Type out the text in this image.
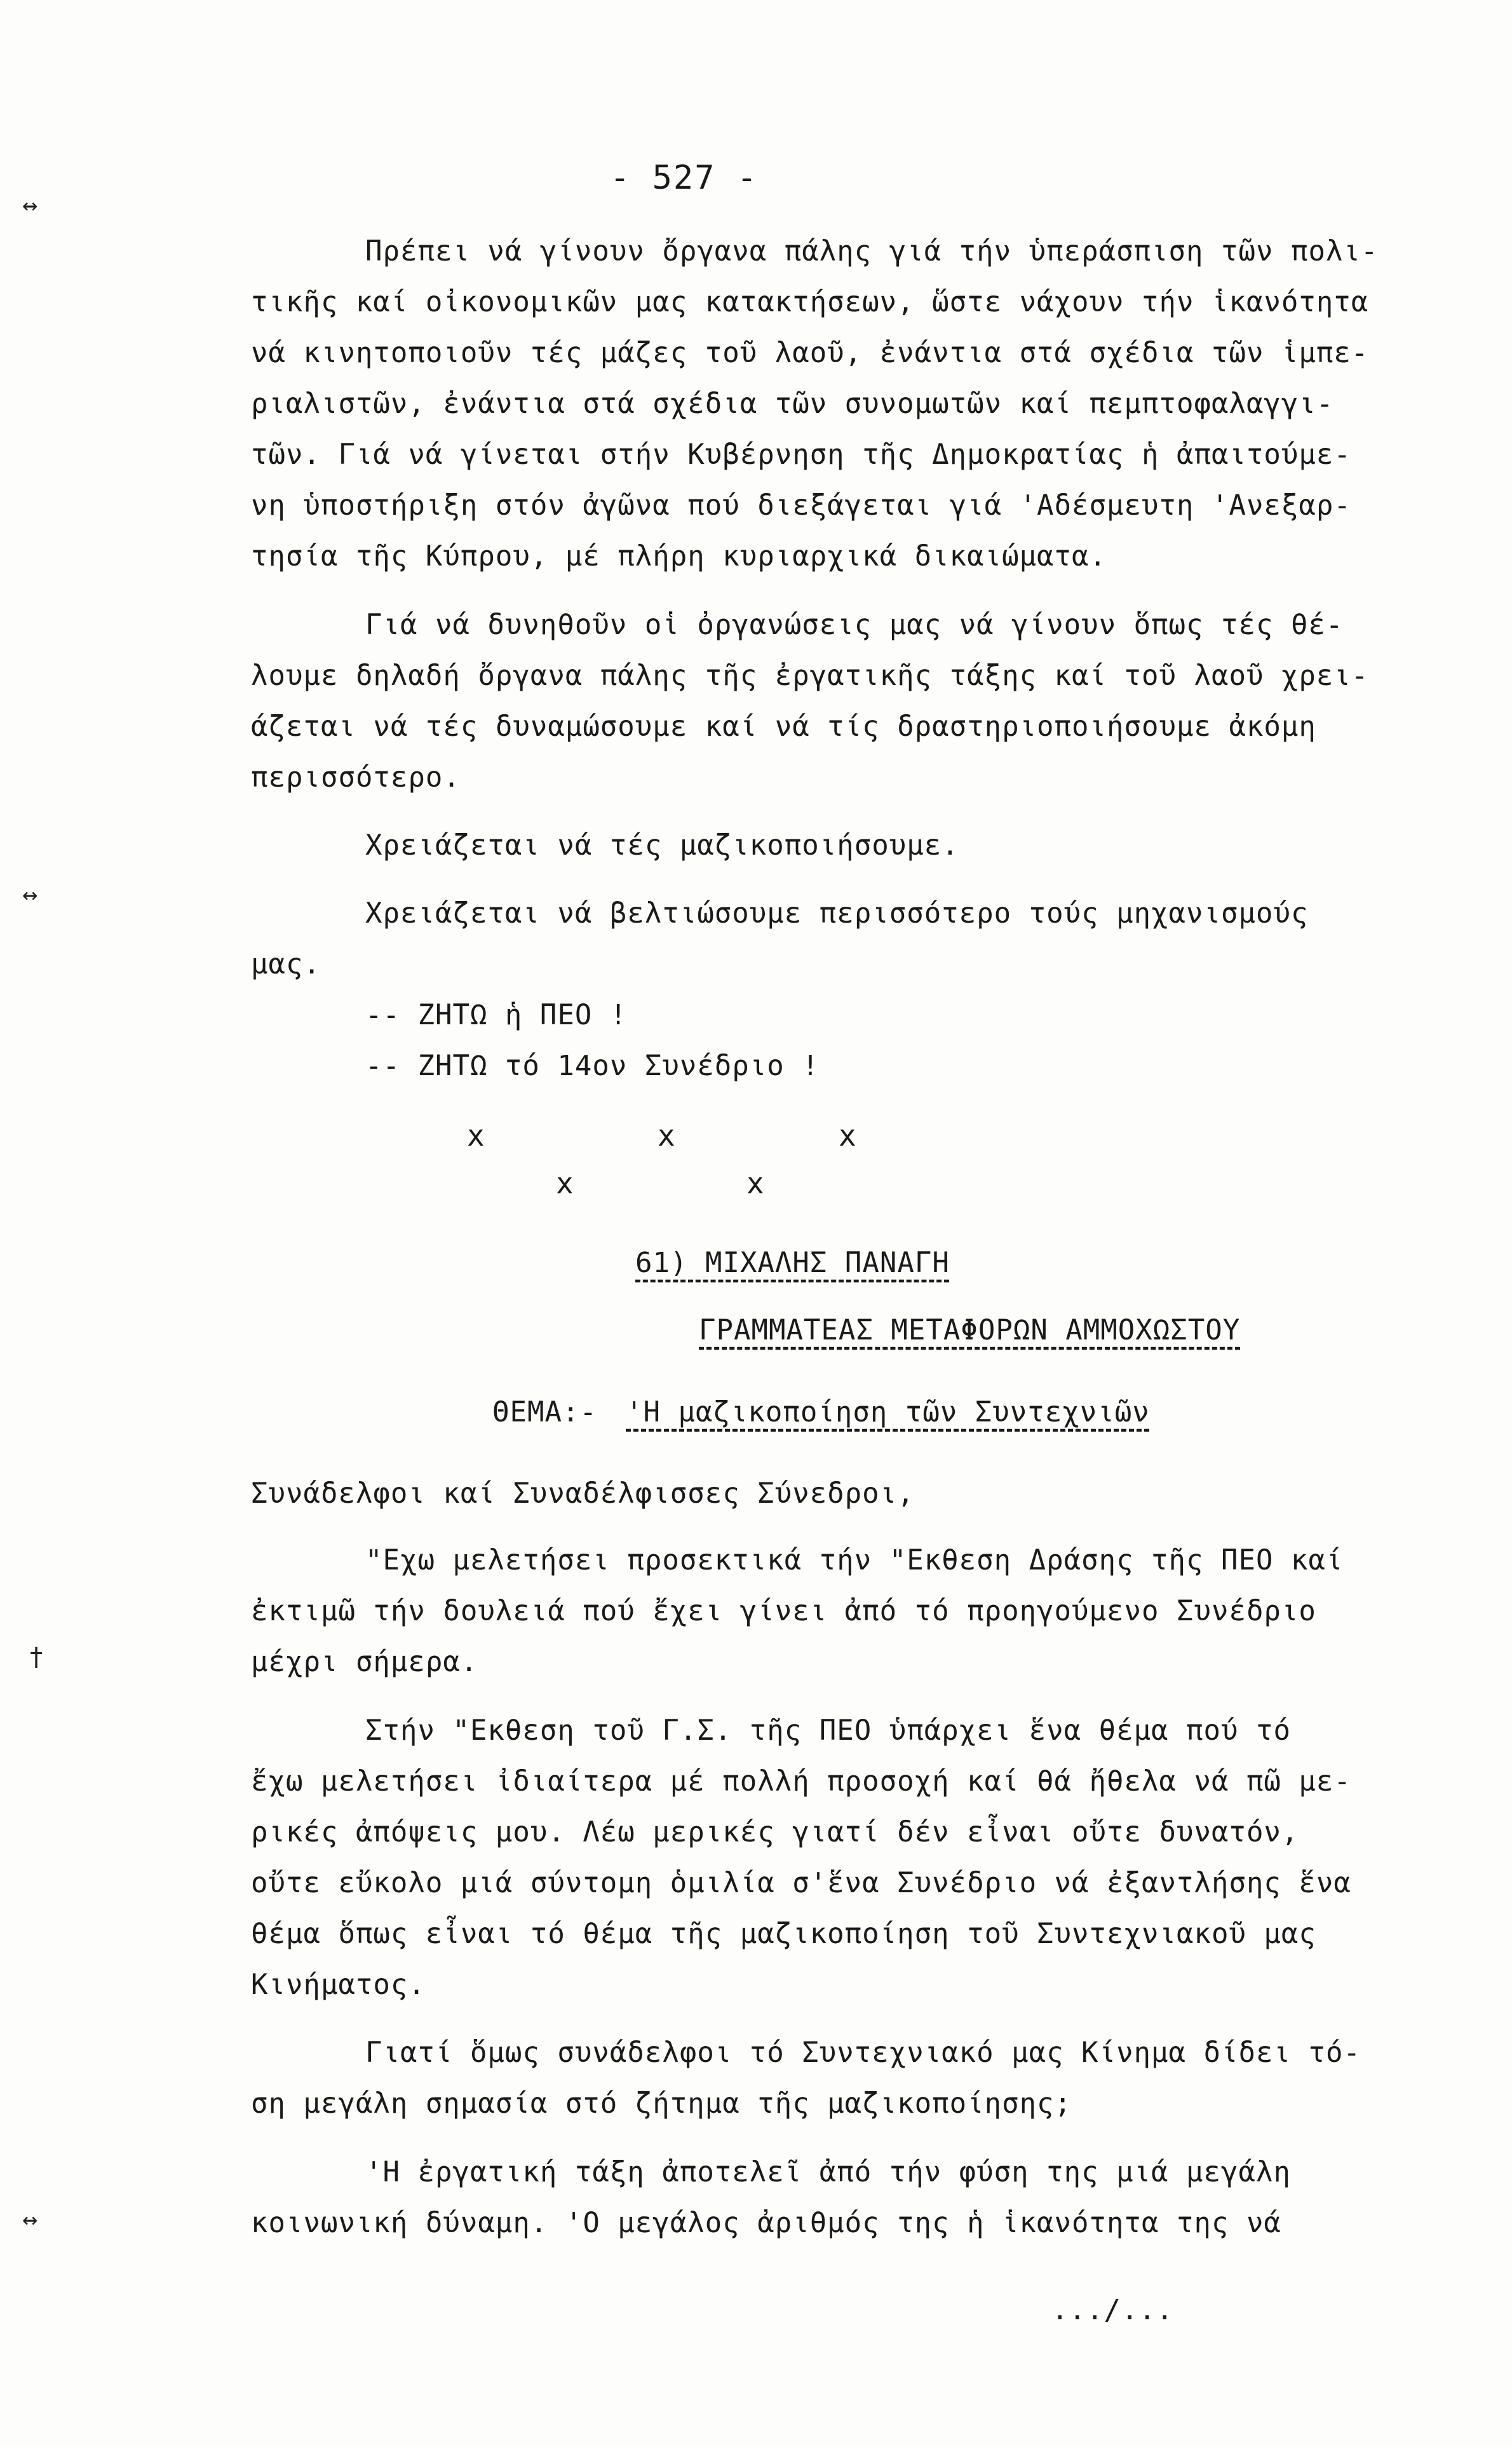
↔
↔
†
↔
- 527 -
Πρέπει νά γίνουν ὄργανα πάλης γιά τήν ὑπεράσπιση τῶν πολι-
τικῆς καί οἰκονομικῶν μας κατακτήσεων, ὥστε νάχουν τήν ἱκανότητα
νά κινητοποιοῦν τές μάζες τοῦ λαοῦ, ἐνάντια στά σχέδια τῶν ἱμπε-
ριαλιστῶν, ἐνάντια στά σχέδια τῶν συνομωτῶν καί πεμπτοφαλαγγι-
τῶν. Γιά νά γίνεται στήν Κυβέρνηση τῆς Δημοκρατίας ἡ ἀπαιτούμε-
νη ὑποστήριξη στόν ἀγῶνα πού διεξάγεται γιά 'Αδέσμευτη 'Ανεξαρ-
τησία τῆς Κύπρου, μέ πλήρη κυριαρχικά δικαιώματα.
Γιά νά δυνηθοῦν οἱ ὀργανώσεις μας νά γίνουν ὅπως τές θέ-
λουμε δηλαδή ὄργανα πάλης τῆς ἐργατικῆς τάξης καί τοῦ λαοῦ χρει-
άζεται νά τές δυναμώσουμε καί νά τίς δραστηριοποιήσουμε ἀκόμη
περισσότερο.
Χρειάζεται νά τές μαζικοποιήσουμε.
Χρειάζεται νά βελτιώσουμε περισσότερο τούς μηχανισμούς
μας.
-- ΖΗΤΩ ἡ ΠΕΟ !
-- ΖΗΤΩ τό 14ον Συνέδριο !
x	x	x
x	x
61) ΜΙΧΑΛΗΣ ΠΑΝΑΓΗ
ΓΡΑΜΜΑΤΕΑΣ ΜΕΤΑΦΟΡΩΝ ΑΜΜΟΧΩΣΤΟΥ
ΘΕΜΑ:- 'Η μαζικοποίηση τῶν Συντεχνιῶν
Συνάδελφοι καί Συναδέλφισσες Σύνεδροι,
"Εχω μελετήσει προσεκτικά τήν "Εκθεση Δράσης τῆς ΠΕΟ καί
ἐκτιμῶ τήν δουλειά πού ἔχει γίνει ἀπό τό προηγούμενο Συνέδριο
μέχρι σήμερα.
Στήν "Εκθεση τοῦ Γ.Σ. τῆς ΠΕΟ ὑπάρχει ἕνα θέμα πού τό
ἔχω μελετήσει ἰδιαίτερα μέ πολλή προσοχή καί θά ἤθελα νά πῶ με-
ρικές ἀπόψεις μου. Λέω μερικές γιατί δέν εἶναι οὔτε δυνατόν,
οὔτε εὔκολο μιά σύντομη ὁμιλία σ'ἕνα Συνέδριο νά ἐξαντλήσης ἕνα
θέμα ὅπως εἶναι τό θέμα τῆς μαζικοποίηση τοῦ Συντεχνιακοῦ μας
Κινήματος.
Γιατί ὅμως συνάδελφοι τό Συντεχνιακό μας Κίνημα δίδει τό-
ση μεγάλη σημασία στό ζήτημα τῆς μαζικοποίησης;
'Η ἐργατική τάξη ἀποτελεῖ ἀπό τήν φύση της μιά μεγάλη
κοινωνική δύναμη. 'Ο μεγάλος ἀριθμός της ἡ ἱκανότητα της νά
.../...
